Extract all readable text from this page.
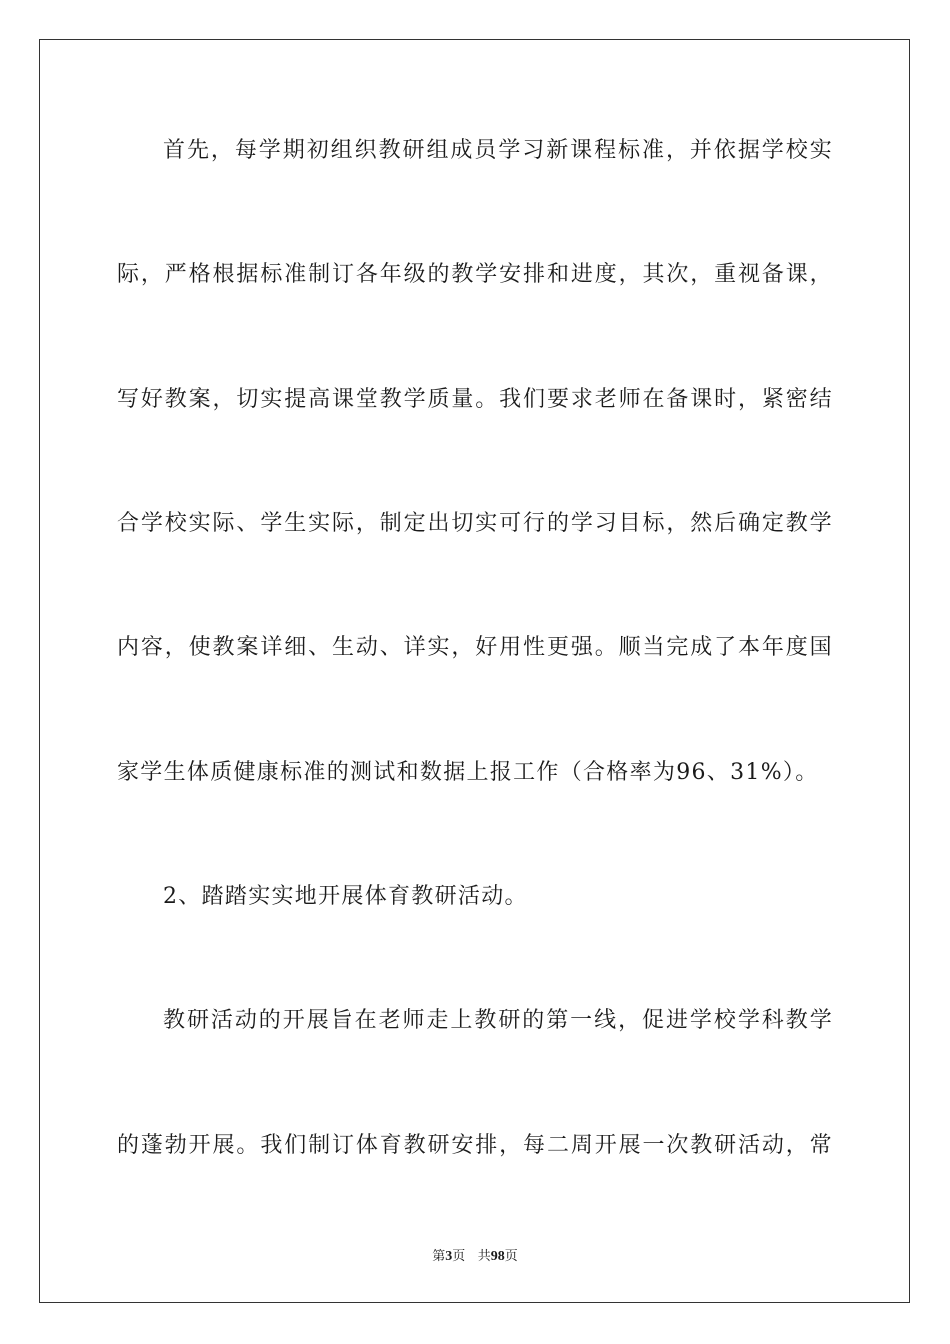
首先，每学期初组织教研组成员学习新课程标准，并依据学校实
际，严格根据标准制订各年级的教学安排和进度，其次，重视备课，
写好教案，切实提高课堂教学质量。我们要求老师在备课时，紧密结
合学校实际、学生实际，制定出切实可行的学习目标，然后确定教学
内容，使教案详细、生动、详实，好用性更强。顺当完成了本年度国
家学生体质健康标准的测试和数据上报工作（合格率为96、31%）。
2、踏踏实实地开展体育教研活动。
教研活动的开展旨在老师走上教研的第一线，促进学校学科教学
的蓬勃开展。我们制订体育教研安排，每二周开展一次教研活动，常
第3页 共98页
